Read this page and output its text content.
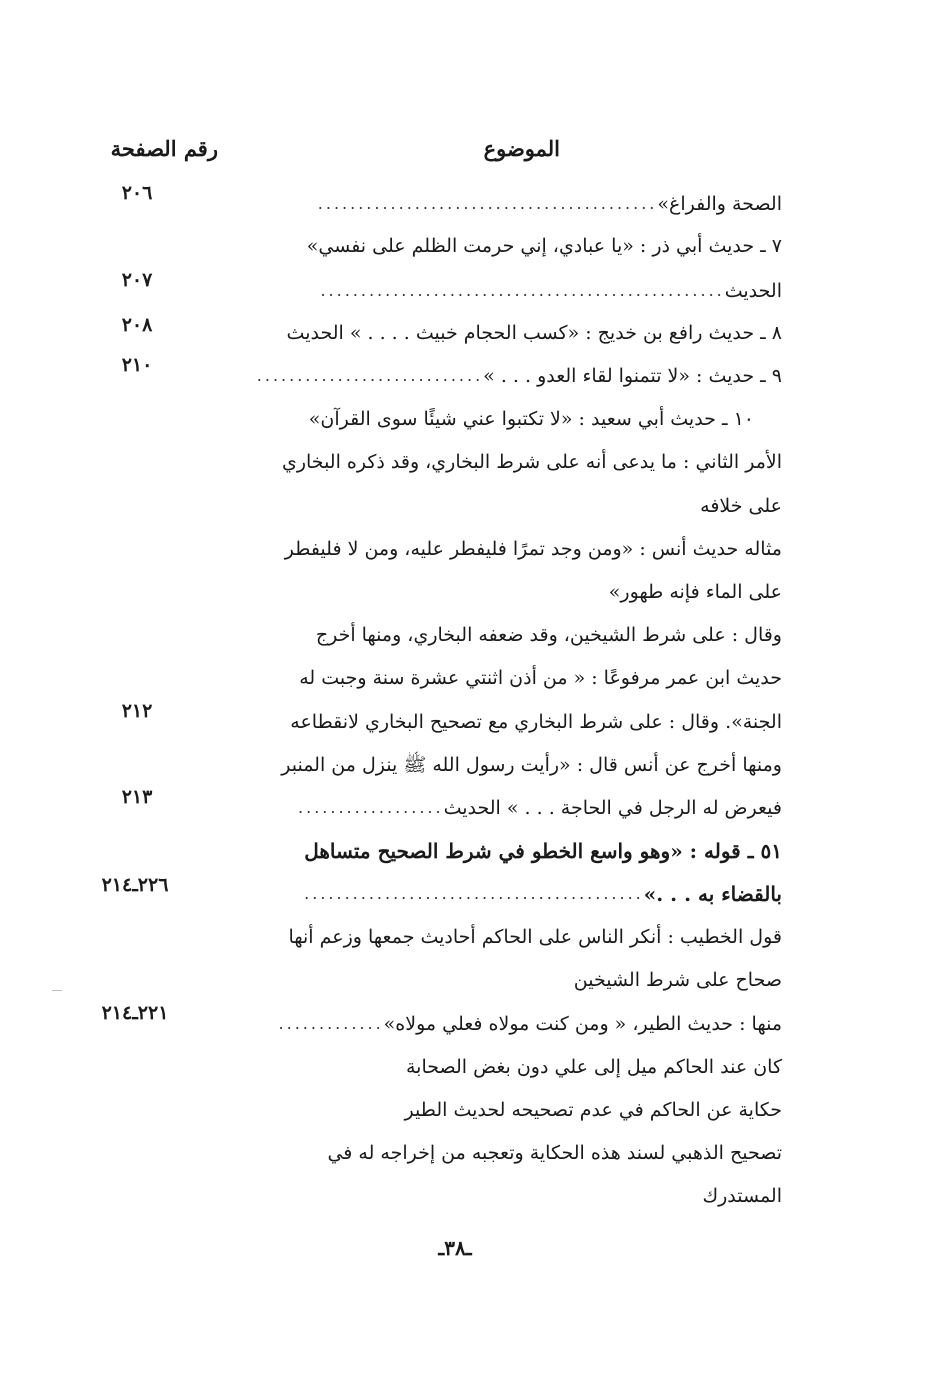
الموضوع
رقم الصفحة
الصحة والفراغ»..........................................
٧ ـ حديث أبي ذر : «يا عبادي، إني حرمت الظلم على نفسي»
الحديث..................................................
٨ ـ حديث رافع بن خديج : «كسب الحجام خبيث . . . . » الحديث
٩ ـ حديث : «لا تتمنوا لقاء العدو . . . »............................
١٠ ـ حديث أبي سعيد : «لا تكتبوا عني شيئًا سوى القرآن»
الأمر الثاني : ما يدعى أنه على شرط البخاري، وقد ذكره البخاري
على خلافه
مثاله حديث أنس : «ومن وجد تمرًا فليفطر عليه، ومن لا فليفطر
على الماء فإنه طهور»
وقال : على شرط الشيخين، وقد ضعفه البخاري، ومنها أخرج
حديث ابن عمر مرفوعًا : « من أذن اثنتي عشرة سنة وجبت له
الجنة». وقال : على شرط البخاري مع تصحيح البخاري لانقطاعه
ومنها أخرج عن أنس قال : «رأيت رسول الله ﷺ ينزل من المنبر
فيعرض له الرجل في الحاجة . . . » الحديث..................
٥١ ـ قوله : «وهو واسع الخطو في شرط الصحيح متساهل
بالقضاء به . . .»..........................................
قول الخطيب : أنكر الناس على الحاكم أحاديث جمعها وزعم أنها
صحاح على شرط الشيخين
منها : حديث الطير، « ومن كنت مولاه فعلي مولاه».............
كان عند الحاكم ميل إلى علي دون بغض الصحابة
حكاية عن الحاكم في عدم تصحيحه لحديث الطير
تصحيح الذهبي لسند هذه الحكاية وتعجبه من إخراجه له في
المستدرك
٢٠٦
٢٠٧
٢٠٨
٢١٠
٢١٢
٢١٣
٢٢٦ـ٢١٤
٢٢١ـ٢١٤
ـ٣٨ـ
